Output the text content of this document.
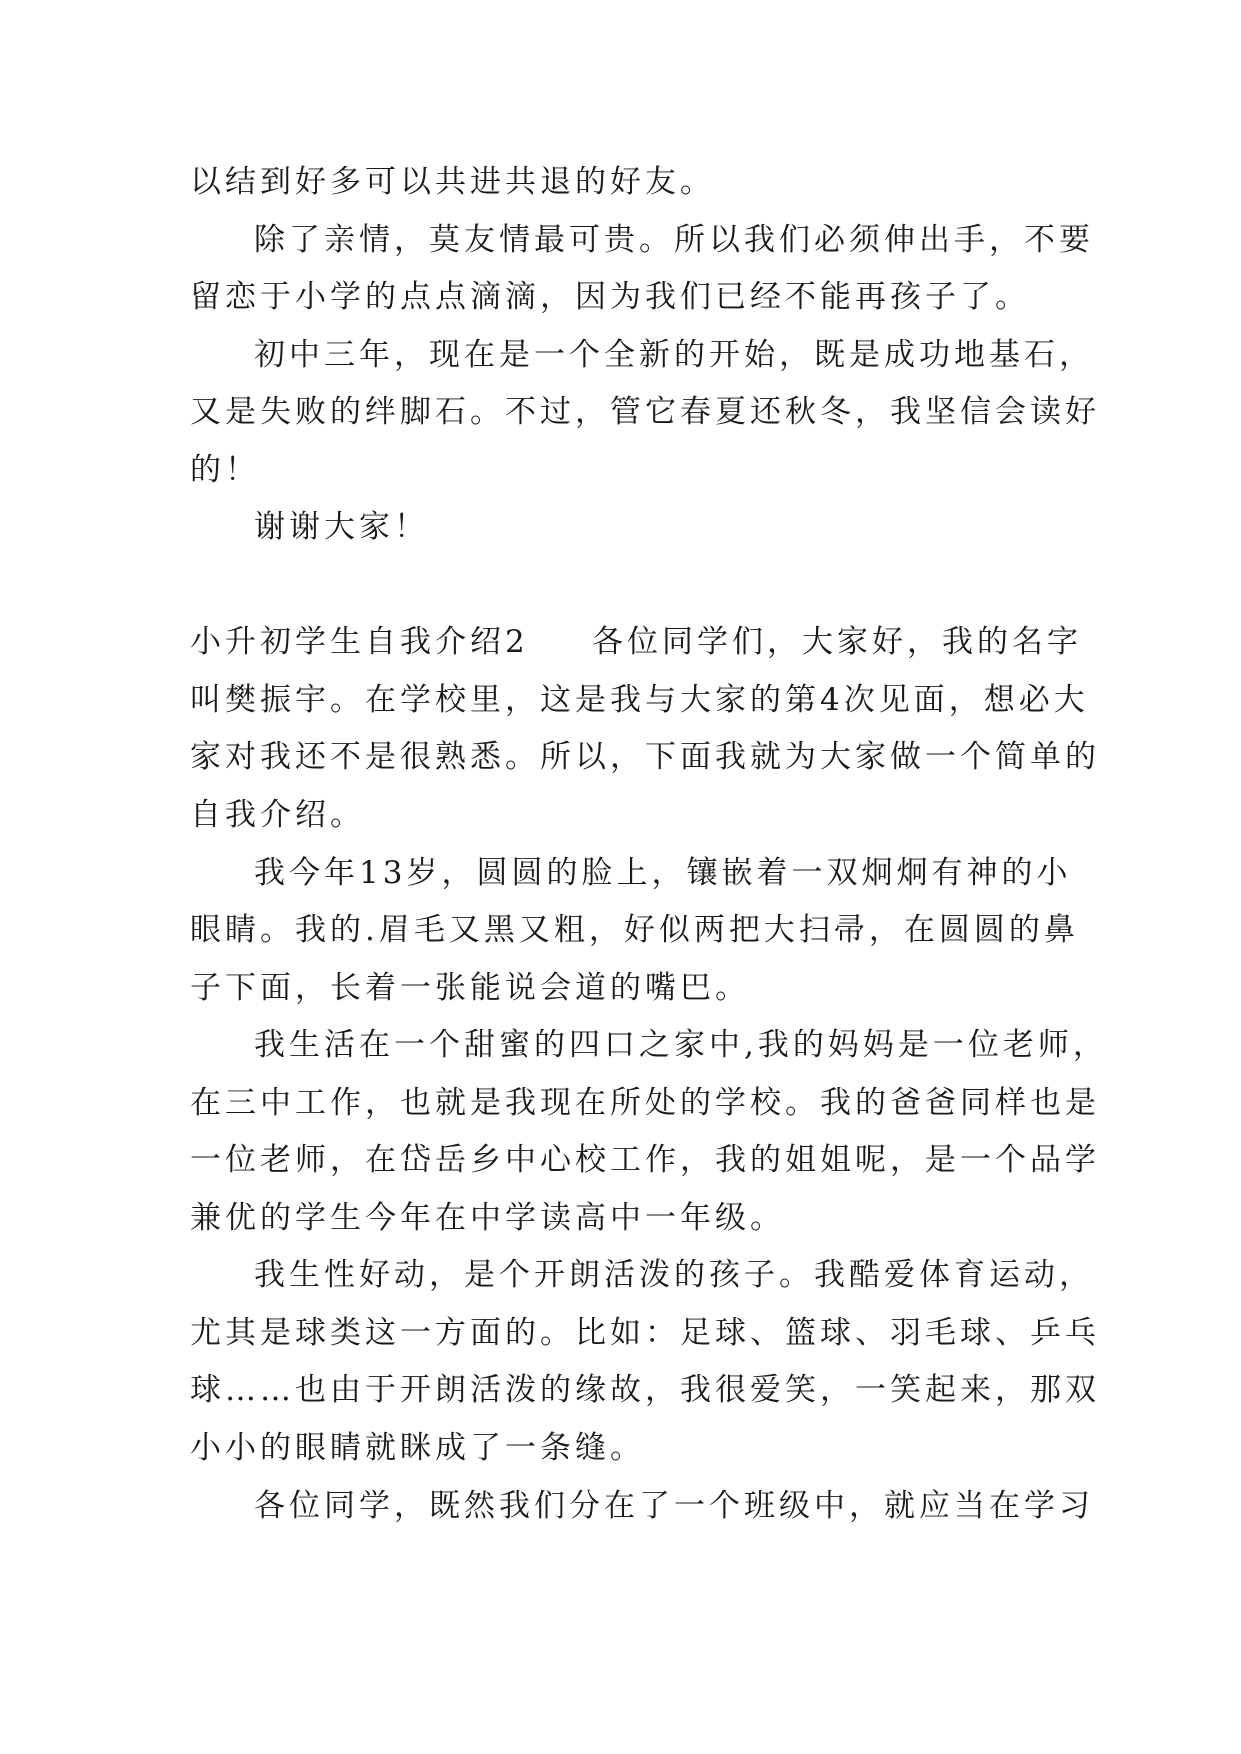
以结到好多可以共进共退的好友。
除了亲情，莫友情最可贵。所以我们必须伸出手，不要
留恋于小学的点点滴滴，因为我们已经不能再孩子了。
初中三年，现在是一个全新的开始，既是成功地基石，
又是失败的绊脚石。不过，管它春夏还秋冬，我坚信会读好
的！
谢谢大家！
小升初学生自我介绍2 各位同学们，大家好，我的名字
叫樊振宇。在学校里，这是我与大家的第4次见面，想必大
家对我还不是很熟悉。所以，下面我就为大家做一个简单的
自我介绍。
我今年13岁，圆圆的脸上，镶嵌着一双炯炯有神的小
眼睛。我的.眉毛又黑又粗，好似两把大扫帚，在圆圆的鼻
子下面，长着一张能说会道的嘴巴。
我生活在一个甜蜜的四口之家中,我的妈妈是一位老师，
在三中工作，也就是我现在所处的学校。我的爸爸同样也是
一位老师，在岱岳乡中心校工作，我的姐姐呢，是一个品学
兼优的学生今年在中学读高中一年级。
我生性好动，是个开朗活泼的孩子。我酷爱体育运动，
尤其是球类这一方面的。比如：足球、篮球、羽毛球、乒乓
球……也由于开朗活泼的缘故，我很爱笑，一笑起来，那双
小小的眼睛就眯成了一条缝。
各位同学，既然我们分在了一个班级中，就应当在学习
